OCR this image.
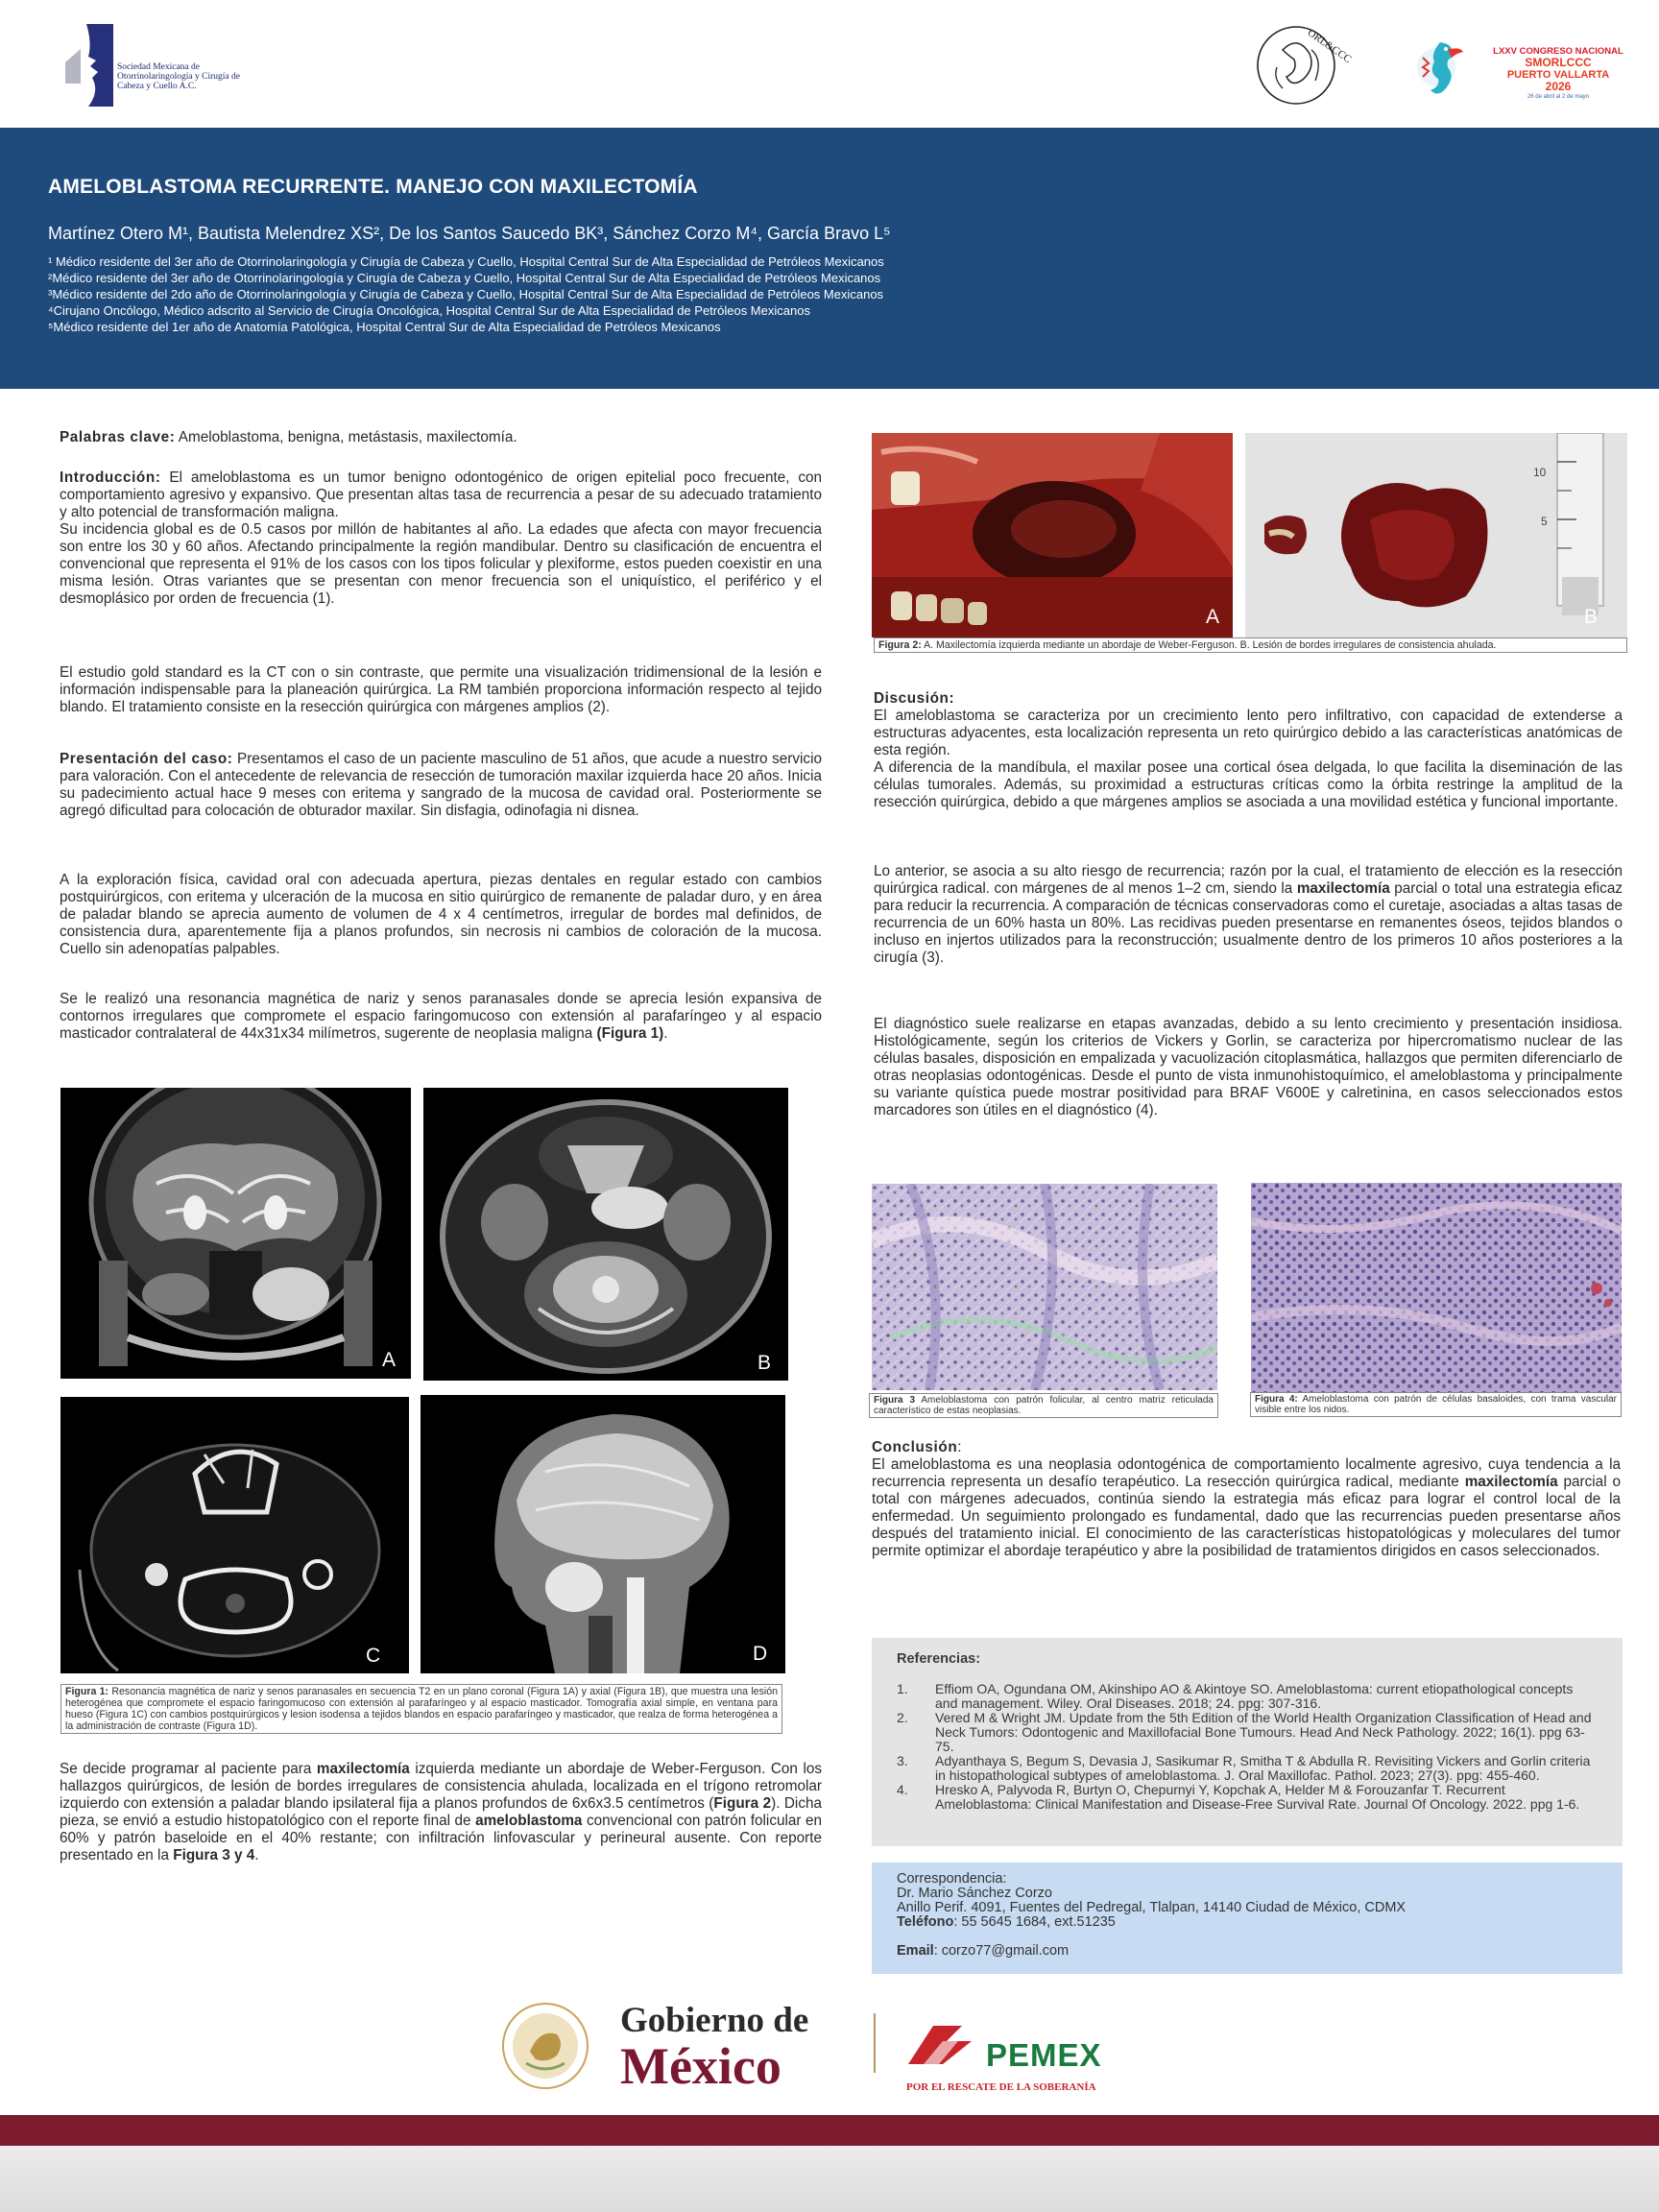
Sociedad Mexicana de Otorrinolaringología y Cirugía de Cabeza y Cuello A.C.
ORL&CCC	LXXV CONGRESO NACIONAL
SMORLCCC
PUERTO VALLARTA
2026
26 de abril al 2 de mayo
AMELOBLASTOMA RECURRENTE. MANEJO CON MAXILECTOMÍA
Martínez Otero M¹, Bautista Melendrez XS², De los Santos Saucedo BK³, Sánchez Corzo M⁴, García Bravo L⁵
¹ Médico residente del 3er año de Otorrinolaringología y Cirugía de Cabeza y Cuello, Hospital Central Sur de Alta Especialidad de Petróleos Mexicanos
²Médico residente del 3er año de Otorrinolaringología y Cirugía de Cabeza y Cuello, Hospital Central Sur de Alta Especialidad de Petróleos Mexicanos
³Médico residente del 2do año de Otorrinolaringología y Cirugía de Cabeza y Cuello, Hospital Central Sur de Alta Especialidad de Petróleos Mexicanos
⁴Cirujano Oncólogo, Médico adscrito al Servicio de Cirugía Oncológica, Hospital Central Sur de Alta Especialidad de Petróleos Mexicanos
⁵Médico residente del 1er año de Anatomía Patológica, Hospital Central Sur de Alta Especialidad de Petróleos Mexicanos
Palabras clave: Ameloblastoma, benigna, metástasis, maxilectomía.
Introducción: El ameloblastoma es un tumor benigno odontogénico de origen epitelial poco frecuente, con comportamiento agresivo y expansivo. Que presentan altas tasa de recurrencia a pesar de su adecuado tratamiento y alto potencial de transformación maligna.
Su incidencia global es de 0.5 casos por millón de habitantes al año. La edades que afecta con mayor frecuencia son entre los 30 y 60 años. Afectando principalmente la región mandibular. Dentro su clasificación de encuentra el convencional que representa el 91% de los casos con los tipos folicular y plexiforme, estos pueden coexistir en una misma lesión. Otras variantes que se presentan con menor frecuencia son el uniquístico, el periférico y el desmoplásico por orden de frecuencia (1).
El estudio gold standard es la CT con o sin contraste, que permite una visualización tridimensional de la lesión e información indispensable para la planeación quirúrgica. La RM también proporciona información respecto al tejido blando. El tratamiento consiste en la resección quirúrgica con márgenes amplios (2).
Presentación del caso: Presentamos el caso de un paciente masculino de 51 años, que acude a nuestro servicio para valoración. Con el antecedente de relevancia de resección de tumoración maxilar izquierda hace 20 años. Inicia su padecimiento actual hace 9 meses con eritema y sangrado de la mucosa de cavidad oral. Posteriormente se agregó dificultad para colocación de obturador maxilar. Sin disfagia, odinofagia ni disnea.
A la exploración física, cavidad oral con adecuada apertura, piezas dentales en regular estado con cambios postquirúrgicos, con eritema y ulceración de la mucosa en sitio quirúrgico de remanente de paladar duro, y en área de paladar blando se aprecia aumento de volumen de 4 x 4 centímetros, irregular de bordes mal definidos, de consistencia dura, aparentemente fija a planos profundos, sin necrosis ni cambios de coloración de la mucosa. Cuello sin adenopatías palpables.
Se le realizó una resonancia magnética de nariz y senos paranasales donde se aprecia lesión expansiva de contornos irregulares que compromete el espacio faringomucoso con extensión al parafaríngeo y al espacio masticador contralateral de 44x31x34 milímetros, sugerente de neoplasia maligna (Figura 1).
A	B
C	D
Figura 1: Resonancia magnética de nariz y senos paranasales en secuencia T2 en un plano coronal (Figura 1A) y axial (Figura 1B), que muestra una lesión heterogénea que compromete el espacio faringomucoso con extensión al parafaríngeo y al espacio masticador. Tomografía axial simple, en ventana para hueso (Figura 1C) con cambios postquirúrgicos y lesion isodensa a tejidos blandos en espacio parafaríngeo y masticador, que realza de forma heterogénea a la administración de contraste (Figura 1D).
Se decide programar al paciente para maxilectomía izquierda mediante un abordaje de Weber-Ferguson. Con los hallazgos quirúrgicos, de lesión de bordes irregulares de consistencia ahulada, localizada en el trígono retromolar izquierdo con extensión a paladar blando ipsilateral fija a planos profundos de 6x6x3.5 centímetros (Figura 2). Dicha pieza, se envió a estudio histopatológico con el reporte final de ameloblastoma convencional con patrón folicular en 60% y patrón baseloide en el 40% restante; con infiltración linfovascular y perineural ausente. Con reporte presentado en la Figura 3 y 4.
A
10
5
B
Figura 2: A. Maxilectomía izquierda mediante un abordaje de Weber-Ferguson. B. Lesión de bordes irregulares de consistencia ahulada.
Discusión:
El ameloblastoma se caracteriza por un crecimiento lento pero infiltrativo, con capacidad de extenderse a estructuras adyacentes, esta localización representa un reto quirúrgico debido a las características anatómicas de esta región.
A diferencia de la mandíbula, el maxilar posee una cortical ósea delgada, lo que facilita la diseminación de las células tumorales. Además, su proximidad a estructuras críticas como la órbita restringe la amplitud de la resección quirúrgica, debido a que márgenes amplios se asociada a una movilidad estética y funcional importante.
Lo anterior, se asocia a su alto riesgo de recurrencia; razón por la cual, el tratamiento de elección es la resección quirúrgica radical. con márgenes de al menos 1–2 cm, siendo la maxilectomía parcial o total una estrategia eficaz para reducir la recurrencia. A comparación de técnicas conservadoras como el curetaje, asociadas a altas tasas de recurrencia de un 60% hasta un 80%. Las recidivas pueden presentarse en remanentes óseos, tejidos blandos o incluso en injertos utilizados para la reconstrucción; usualmente dentro de los primeros 10 años posteriores a la cirugía (3).
El diagnóstico suele realizarse en etapas avanzadas, debido a su lento crecimiento y presentación insidiosa. Histológicamente, según los criterios de Vickers y Gorlin, se caracteriza por hipercromatismo nuclear de las células basales, disposición en empalizada y vacuolización citoplasmática, hallazgos que permiten diferenciarlo de otras neoplasias odontogénicas. Desde el punto de vista inmunohistoquímico, el ameloblastoma y principalmente su variante quística puede mostrar positividad para BRAF V600E y calretinina, en casos seleccionados estos marcadores son útiles en el diagnóstico (4).
Figura 3 Ameloblastoma con patrón folicular, al centro matriz reticulada característico de estas neoplasias.
Figura 4: Ameloblastoma con patrón de células basaloides, con trama vascular visible entre los nidos.
Conclusión:
El ameloblastoma es una neoplasia odontogénica de comportamiento localmente agresivo, cuya tendencia a la recurrencia representa un desafío terapéutico. La resección quirúrgica radical, mediante maxilectomía parcial o total con márgenes adecuados, continúa siendo la estrategia más eficaz para lograr el control local de la enfermedad. Un seguimiento prolongado es fundamental, dado que las recurrencias pueden presentarse años después del tratamiento inicial. El conocimiento de las características histopatológicas y moleculares del tumor permite optimizar el abordaje terapéutico y abre la posibilidad de tratamientos dirigidos en casos seleccionados.
Referencias:
1. Effiom OA, Ogundana OM, Akinshipo AO & Akintoye SO. Ameloblastoma: current etiopathological concepts and management. Wiley. Oral Diseases. 2018; 24. ppg: 307-316.
2. Vered M & Wright JM. Update from the 5th Edition of the World Health Organization Classification of Head and Neck Tumors: Odontogenic and Maxillofacial Bone Tumours. Head And Neck Pathology. 2022; 16(1). ppg 63-75.
3. Adyanthaya S, Begum S, Devasia J, Sasikumar R, Smitha T & Abdulla R. Revisiting Vickers and Gorlin criteria in histopathological subtypes of ameloblastoma. J. Oral Maxillofac. Pathol. 2023; 27(3). ppg: 455-460.
4. Hresko A, Palyvoda R, Burtyn O, Chepurnyi Y, Kopchak A, Helder M & Forouzanfar T. Recurrent Ameloblastoma: Clinical Manifestation and Disease-Free Survival Rate. Journal Of Oncology. 2022. ppg 1-6.
Correspondencia:
Dr. Mario Sánchez Corzo
Anillo Perif. 4091, Fuentes del Pedregal, Tlalpan, 14140 Ciudad de México, CDMX
Teléfono: 55 5645 1684, ext.51235
Email: corzo77@gmail.com
Gobierno de
México	PEMEX
POR EL RESCATE DE LA SOBERANÍA
